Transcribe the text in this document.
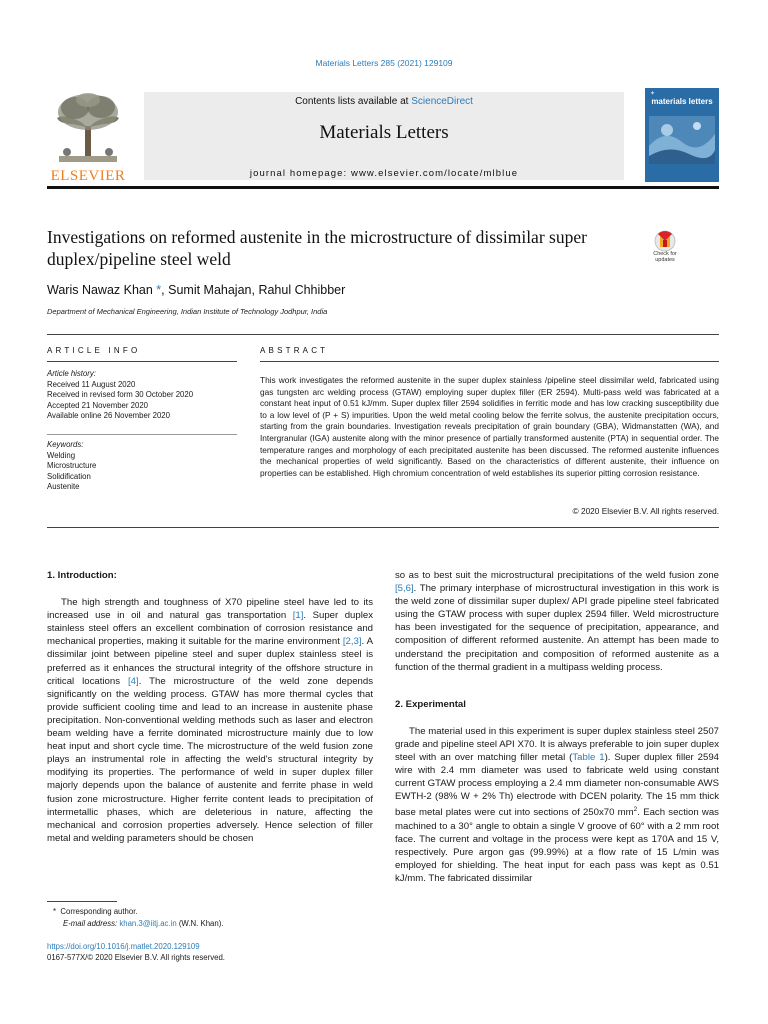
Materials Letters 285 (2021) 129109
ELSEVIER
Contents lists available at ScienceDirect
Materials Letters
journal homepage: www.elsevier.com/locate/mlblue
✦
materials letters
Investigations on reformed austenite in the microstructure of dissimilar super duplex/pipeline steel weld	Check for
updates
Waris Nawaz Khan *, Sumit Mahajan, Rahul Chhibber
Department of Mechanical Engineering, Indian Institute of Technology Jodhpur, India
ARTICLE INFO	ABSTRACT
Article history:
Received 11 August 2020
Received in revised form 30 October 2020
Accepted 21 November 2020
Available online 26 November 2020
Keywords:
Welding
Microstructure
Solidification
Austenite
This work investigates the reformed austenite in the super duplex stainless /pipeline steel dissimilar weld, fabricated using gas tungsten arc welding process (GTAW) employing super duplex filler (ER 2594). Multi-pass weld was fabricated at a constant heat input of 0.51 kJ/mm. Super duplex filler 2594 solidifies in ferritic mode and has low cracking susceptibility due to a low level of (P + S) impurities. Upon the weld metal cooling below the ferrite solvus, the austenite precipitation occurs, starting from the grain boundaries. Investigation reveals precipitation of grain boundary (GBA), Widmanstatten (WA), and Intergranular (IGA) austenite along with the minor presence of partially transformed austenite (PTA) in sequential order. The temperature ranges and morphology of each precipitated austenite has been discussed. The reformed austenite influences the mechanical properties of weld significantly. Based on the characteristics of different austenite, their influence on properties can be established. High chromium concentration of weld establishes its superior pitting corrosion resistance.
© 2020 Elsevier B.V. All rights reserved.

1. Introduction:

The high strength and toughness of X70 pipeline steel have led to its increased use in oil and natural gas transportation [1]. Super duplex stainless steel offers an excellent combination of corrosion resistance and mechanical properties, making it suitable for the marine environment [2,3]. A dissimilar joint between pipeline steel and super duplex stainless steel is preferred as it enhances the structural integrity of the offshore structure in critical locations [4]. The microstructure of the weld zone depends significantly on the welding process. GTAW has more thermal cycles that provide sufficient cooling time and lead to an increase in austenite phase precipitation. Non-conventional welding methods such as laser and electron beam welding have a ferrite dominated microstructure mainly due to low heat input and short cycle time. The microstructure of the weld fusion zone plays an instrumental role in affecting the weld's structural integrity by modifying its properties. The performance of weld in super duplex filler majorly depends upon the balance of austenite and ferrite phase in weld fusion zone microstructure. Higher ferrite content leads to precipitation of intermetallic phases, which are deleterious in nature, affecting the mechanical and corrosion properties adversely. Hence selection of filler metal and welding parameters should be chosen

so as to best suit the microstructural precipitations of the weld fusion zone [5,6]. The primary interphase of microstructural investigation in this work is the weld zone of dissimilar super duplex/ API grade pipeline steel fabricated using the GTAW process with super duplex 2594 filler. Weld microstructure has been investigated for the sequence of precipitation, appearance, and composition of different reformed austenite. An attempt has been made to understand the precipitation and composition of reformed austenite as a function of the thermal gradient in a multipass welding process.

2. Experimental

The material used in this experiment is super duplex stainless steel 2507 grade and pipeline steel API X70. It is always preferable to join super duplex steel with an over matching filler metal (Table 1). Super duplex filler 2594 wire with 2.4 mm diameter was used to fabricate weld using constant current GTAW process employing a 2.4 mm diameter non-consumable AWS EWTH-2 (98% W + 2% Th) electrode with DCEN polarity. The 15 mm thick base metal plates were cut into sections of 250x70 $mm^2$. Each section was machined to a 30° angle to obtain a single V groove of 60° with a 2 mm root face. The current and voltage in the process were kept as 170A and 15 V, respectively. Pure argon gas (99.99%) at a flow rate of 15 L/min was employed for shielding. The heat input for each pass was kept as 0.51 kJ/mm. The fabricated dissimilar

* Corresponding author.
E-mail address: khan.3@iitj.ac.in (W.N. Khan).
https://doi.org/10.1016/j.matlet.2020.129109
0167-577X/© 2020 Elsevier B.V. All rights reserved.
